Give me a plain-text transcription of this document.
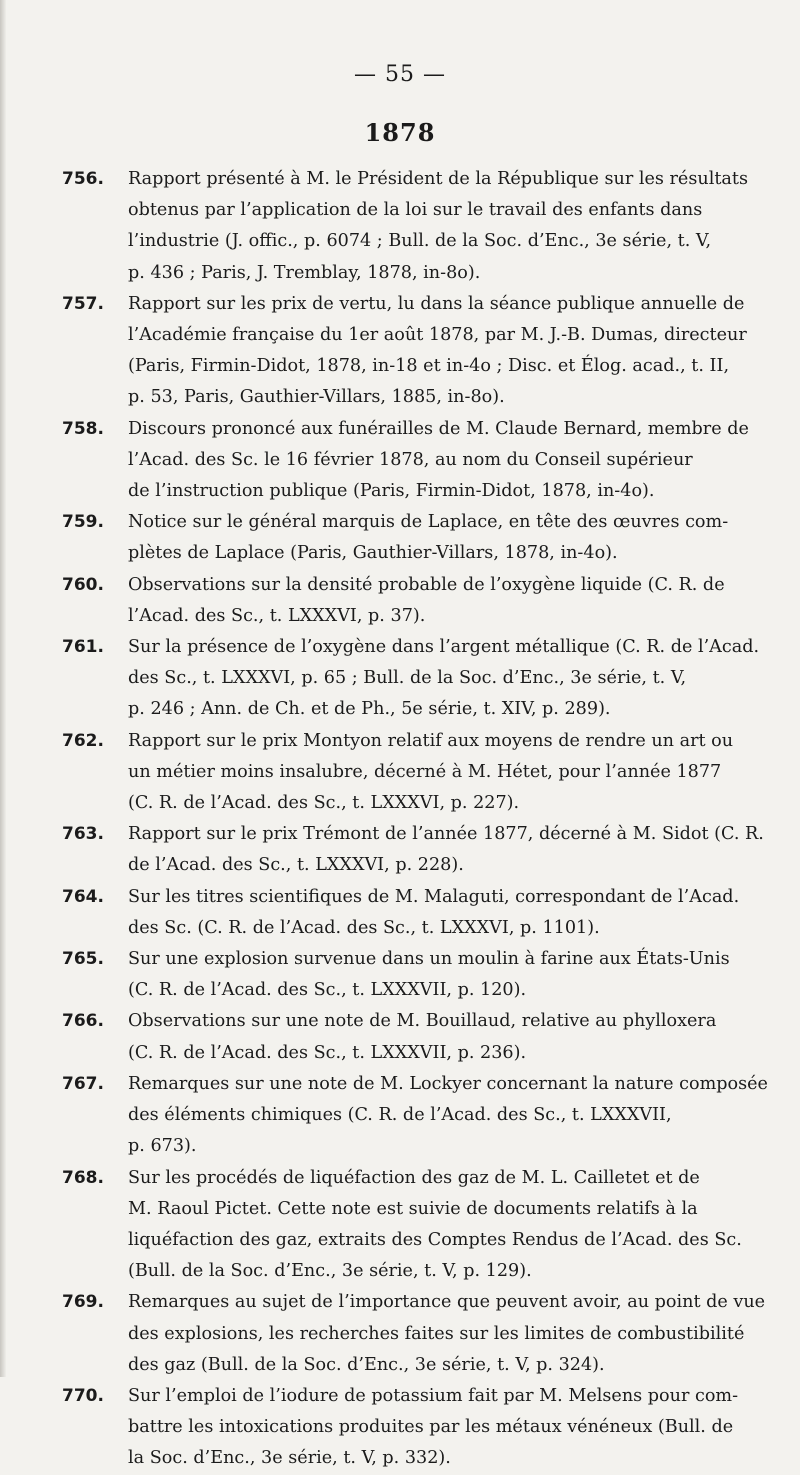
— 55 —
1878
756. Rapport présenté à M. le Président de la République sur les résultats
obtenus par l’application de la loi sur le travail des enfants dans
l’industrie (J. offic., p. 6074 ; Bull. de la Soc. d’Enc., 3e série, t. V,
p. 436 ; Paris, J. Tremblay, 1878, in-8o).
757. Rapport sur les prix de vertu, lu dans la séance publique annuelle de
l’Académie française du 1er août 1878, par M. J.-B. Dumas, directeur
(Paris, Firmin-Didot, 1878, in-18 et in-4o ; Disc. et Élog. acad., t. II,
p. 53, Paris, Gauthier-Villars, 1885, in-8o).
758. Discours prononcé aux funérailles de M. Claude Bernard, membre de
l’Acad. des Sc. le 16 février 1878, au nom du Conseil supérieur
de l’instruction publique (Paris, Firmin-Didot, 1878, in-4o).
759. Notice sur le général marquis de Laplace, en tête des œuvres com-
plètes de Laplace (Paris, Gauthier-Villars, 1878, in-4o).
760. Observations sur la densité probable de l’oxygène liquide (C. R. de
l’Acad. des Sc., t. LXXXVI, p. 37).
761. Sur la présence de l’oxygène dans l’argent métallique (C. R. de l’Acad.
des Sc., t. LXXXVI, p. 65 ; Bull. de la Soc. d’Enc., 3e série, t. V,
p. 246 ; Ann. de Ch. et de Ph., 5e série, t. XIV, p. 289).
762. Rapport sur le prix Montyon relatif aux moyens de rendre un art ou
un métier moins insalubre, décerné à M. Hétet, pour l’année 1877
(C. R. de l’Acad. des Sc., t. LXXXVI, p. 227).
763. Rapport sur le prix Trémont de l’année 1877, décerné à M. Sidot (C. R.
de l’Acad. des Sc., t. LXXXVI, p. 228).
764. Sur les titres scientifiques de M. Malaguti, correspondant de l’Acad.
des Sc. (C. R. de l’Acad. des Sc., t. LXXXVI, p. 1101).
765. Sur une explosion survenue dans un moulin à farine aux États-Unis
(C. R. de l’Acad. des Sc., t. LXXXVII, p. 120).
766. Observations sur une note de M. Bouillaud, relative au phylloxera
(C. R. de l’Acad. des Sc., t. LXXXVII, p. 236).
767. Remarques sur une note de M. Lockyer concernant la nature composée
des éléments chimiques (C. R. de l’Acad. des Sc., t. LXXXVII,
p. 673).
768. Sur les procédés de liquéfaction des gaz de M. L. Cailletet et de
M. Raoul Pictet. Cette note est suivie de documents relatifs à la
liquéfaction des gaz, extraits des Comptes Rendus de l’Acad. des Sc.
(Bull. de la Soc. d’Enc., 3e série, t. V, p. 129).
769. Remarques au sujet de l’importance que peuvent avoir, au point de vue
des explosions, les recherches faites sur les limites de combustibilité
des gaz (Bull. de la Soc. d’Enc., 3e série, t. V, p. 324).
770. Sur l’emploi de l’iodure de potassium fait par M. Melsens pour com-
battre les intoxications produites par les métaux vénéneux (Bull. de
la Soc. d’Enc., 3e série, t. V, p. 332).
